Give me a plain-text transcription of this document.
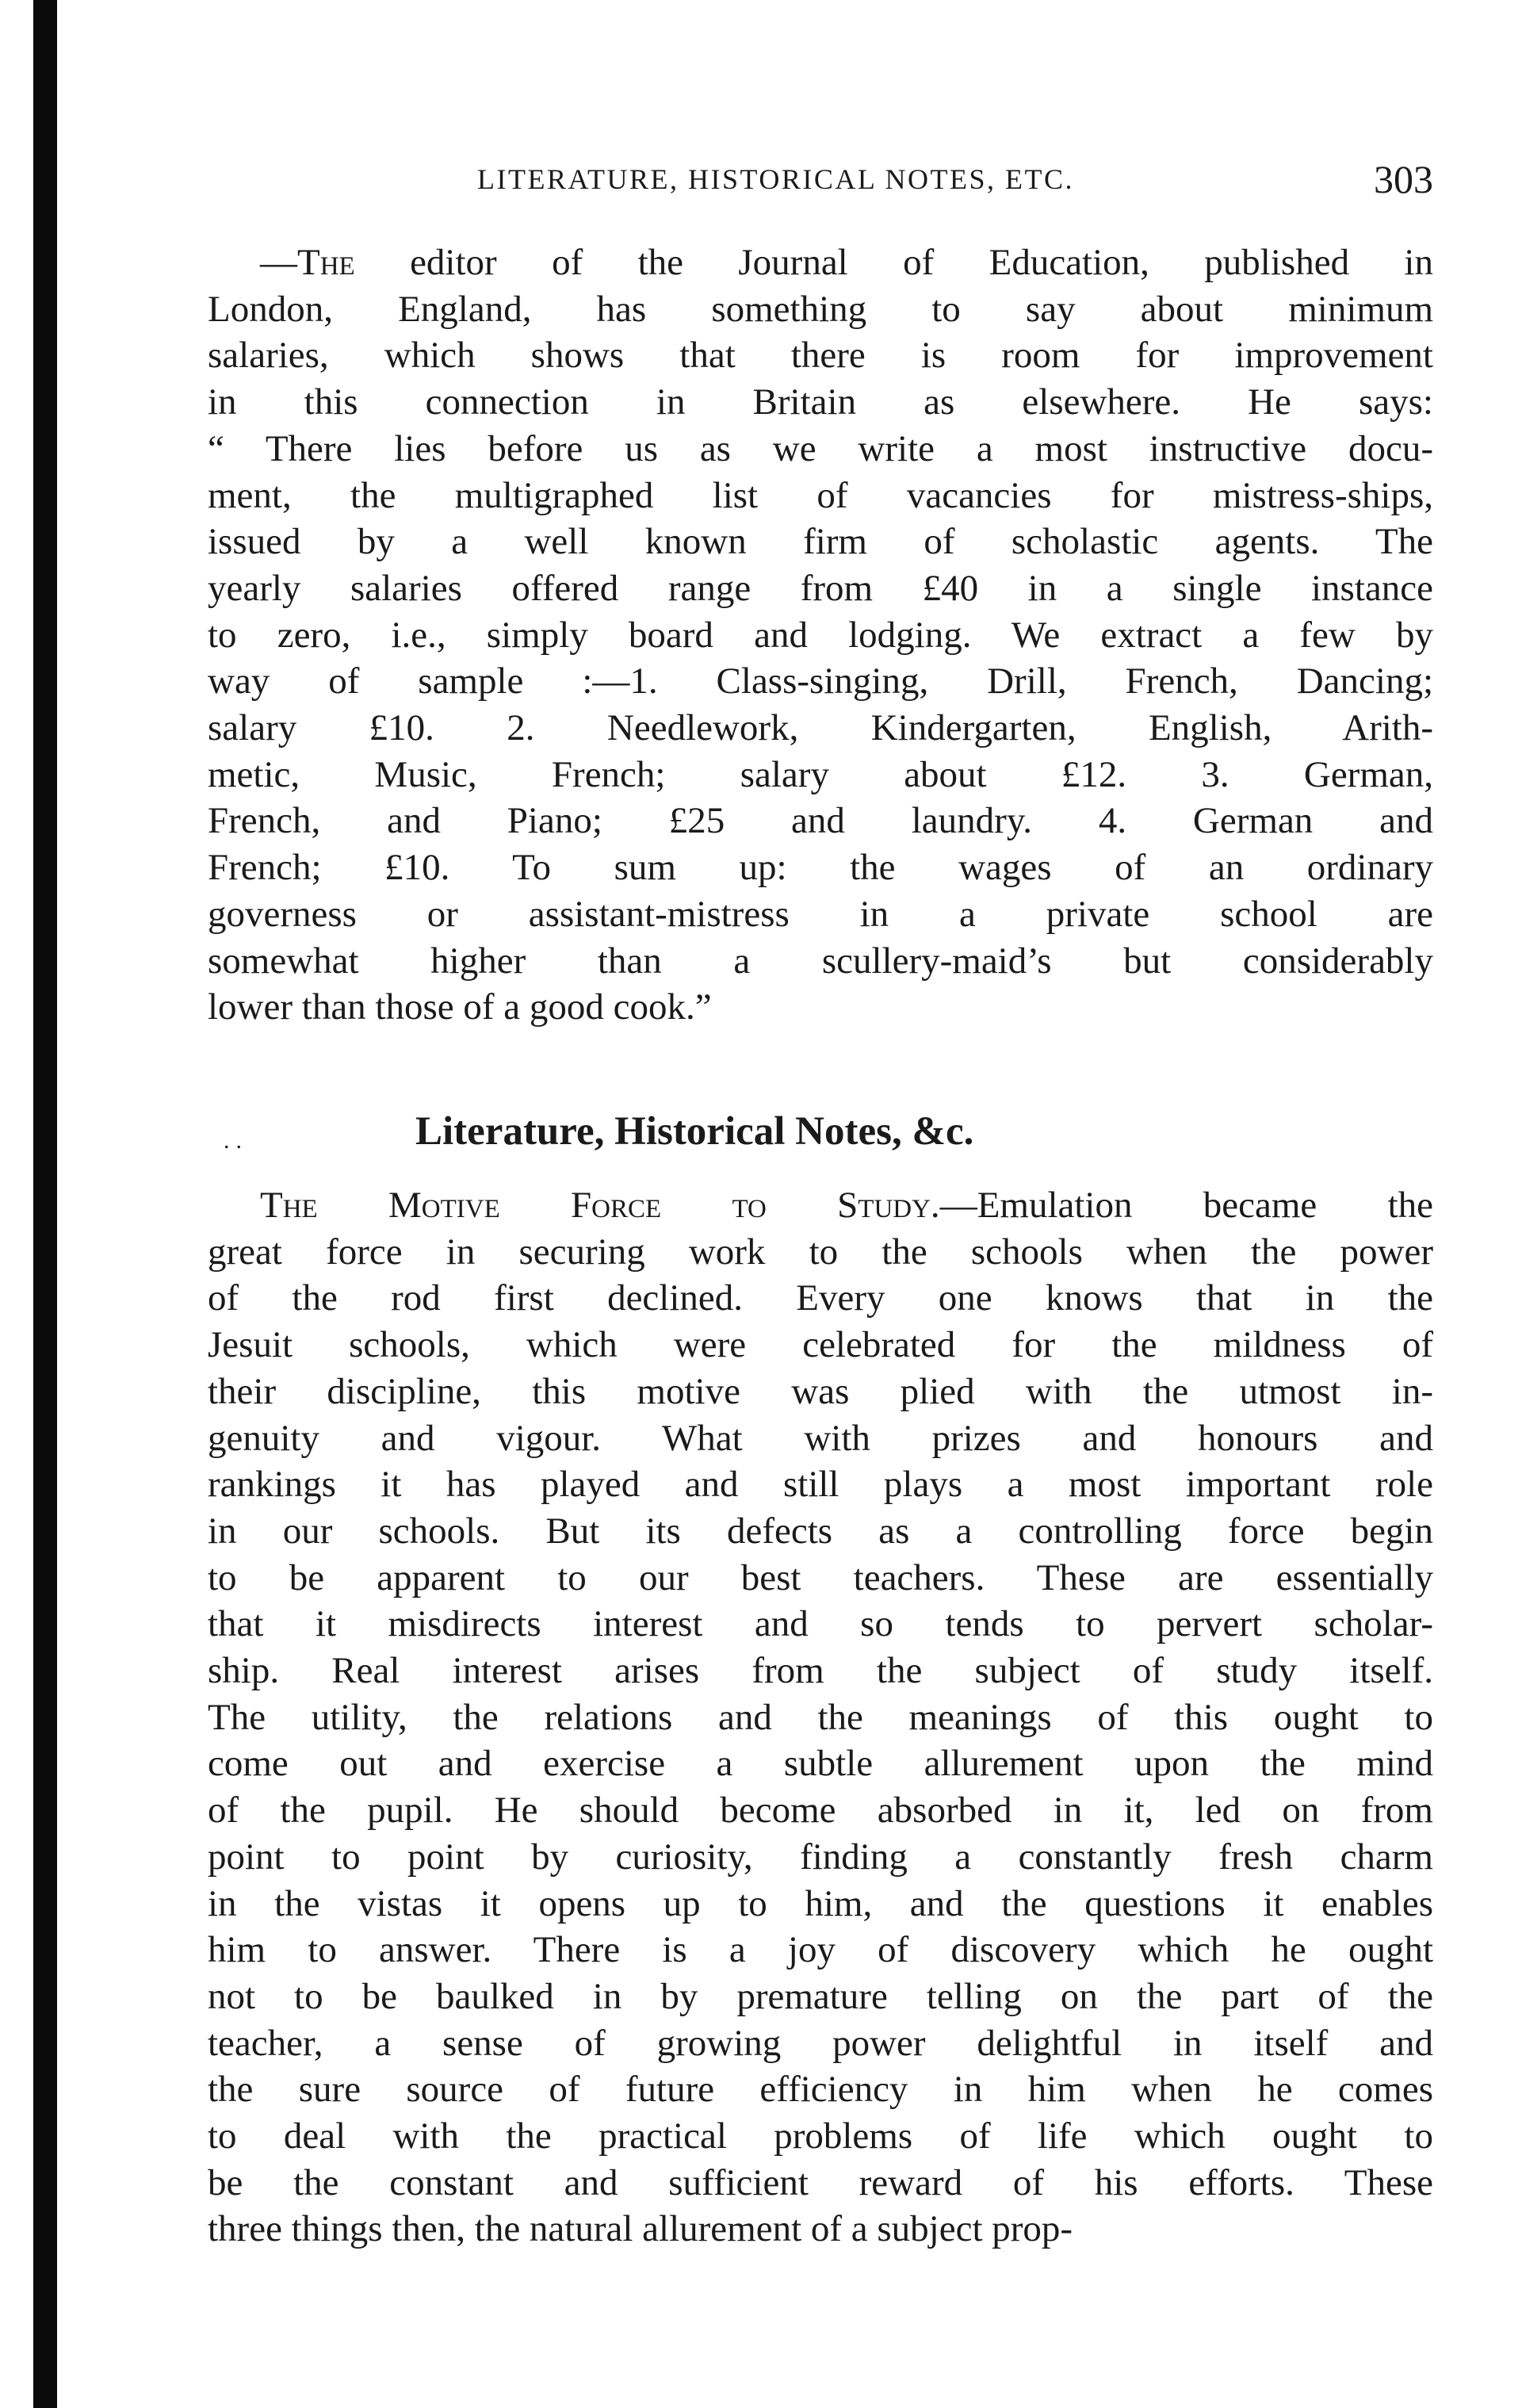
LITERATURE, HISTORICAL NOTES, ETC.	303
—The editor of the Journal of Education, published in
London, England, has something to say about minimum
salaries, which shows that there is room for improvement
in this connection in Britain as elsewhere. He says:
“ There lies before us as we write a most instructive docu-
ment, the multigraphed list of vacancies for mistress-ships,
issued by a well known firm of scholastic agents. The
yearly salaries offered range from £40 in a single instance
to zero, i.e., simply board and lodging. We extract a few by
way of sample :—1. Class-singing, Drill, French, Dancing;
salary £10. 2. Needlework, Kindergarten, English, Arith-
metic, Music, French; salary about £12. 3. German,
French, and Piano; £25 and laundry. 4. German and
French; £10. To sum up: the wages of an ordinary
governess or assistant-mistress in a private school are
somewhat higher than a scullery-maid’s but considerably
lower than those of a good cook.”
..	Literature, Historical Notes, &c.
The Motive Force to Study.—Emulation became the
great force in securing work to the schools when the power
of the rod first declined. Every one knows that in the
Jesuit schools, which were celebrated for the mildness of
their discipline, this motive was plied with the utmost in-
genuity and vigour. What with prizes and honours and
rankings it has played and still plays a most important role
in our schools. But its defects as a controlling force begin
to be apparent to our best teachers. These are essentially
that it misdirects interest and so tends to pervert scholar-
ship. Real interest arises from the subject of study itself.
The utility, the relations and the meanings of this ought to
come out and exercise a subtle allurement upon the mind
of the pupil. He should become absorbed in it, led on from
point to point by curiosity, finding a constantly fresh charm
in the vistas it opens up to him, and the questions it enables
him to answer. There is a joy of discovery which he ought
not to be baulked in by premature telling on the part of the
teacher, a sense of growing power delightful in itself and
the sure source of future efficiency in him when he comes
to deal with the practical problems of life which ought to
be the constant and sufficient reward of his efforts. These
three things then, the natural allurement of a subject prop-
